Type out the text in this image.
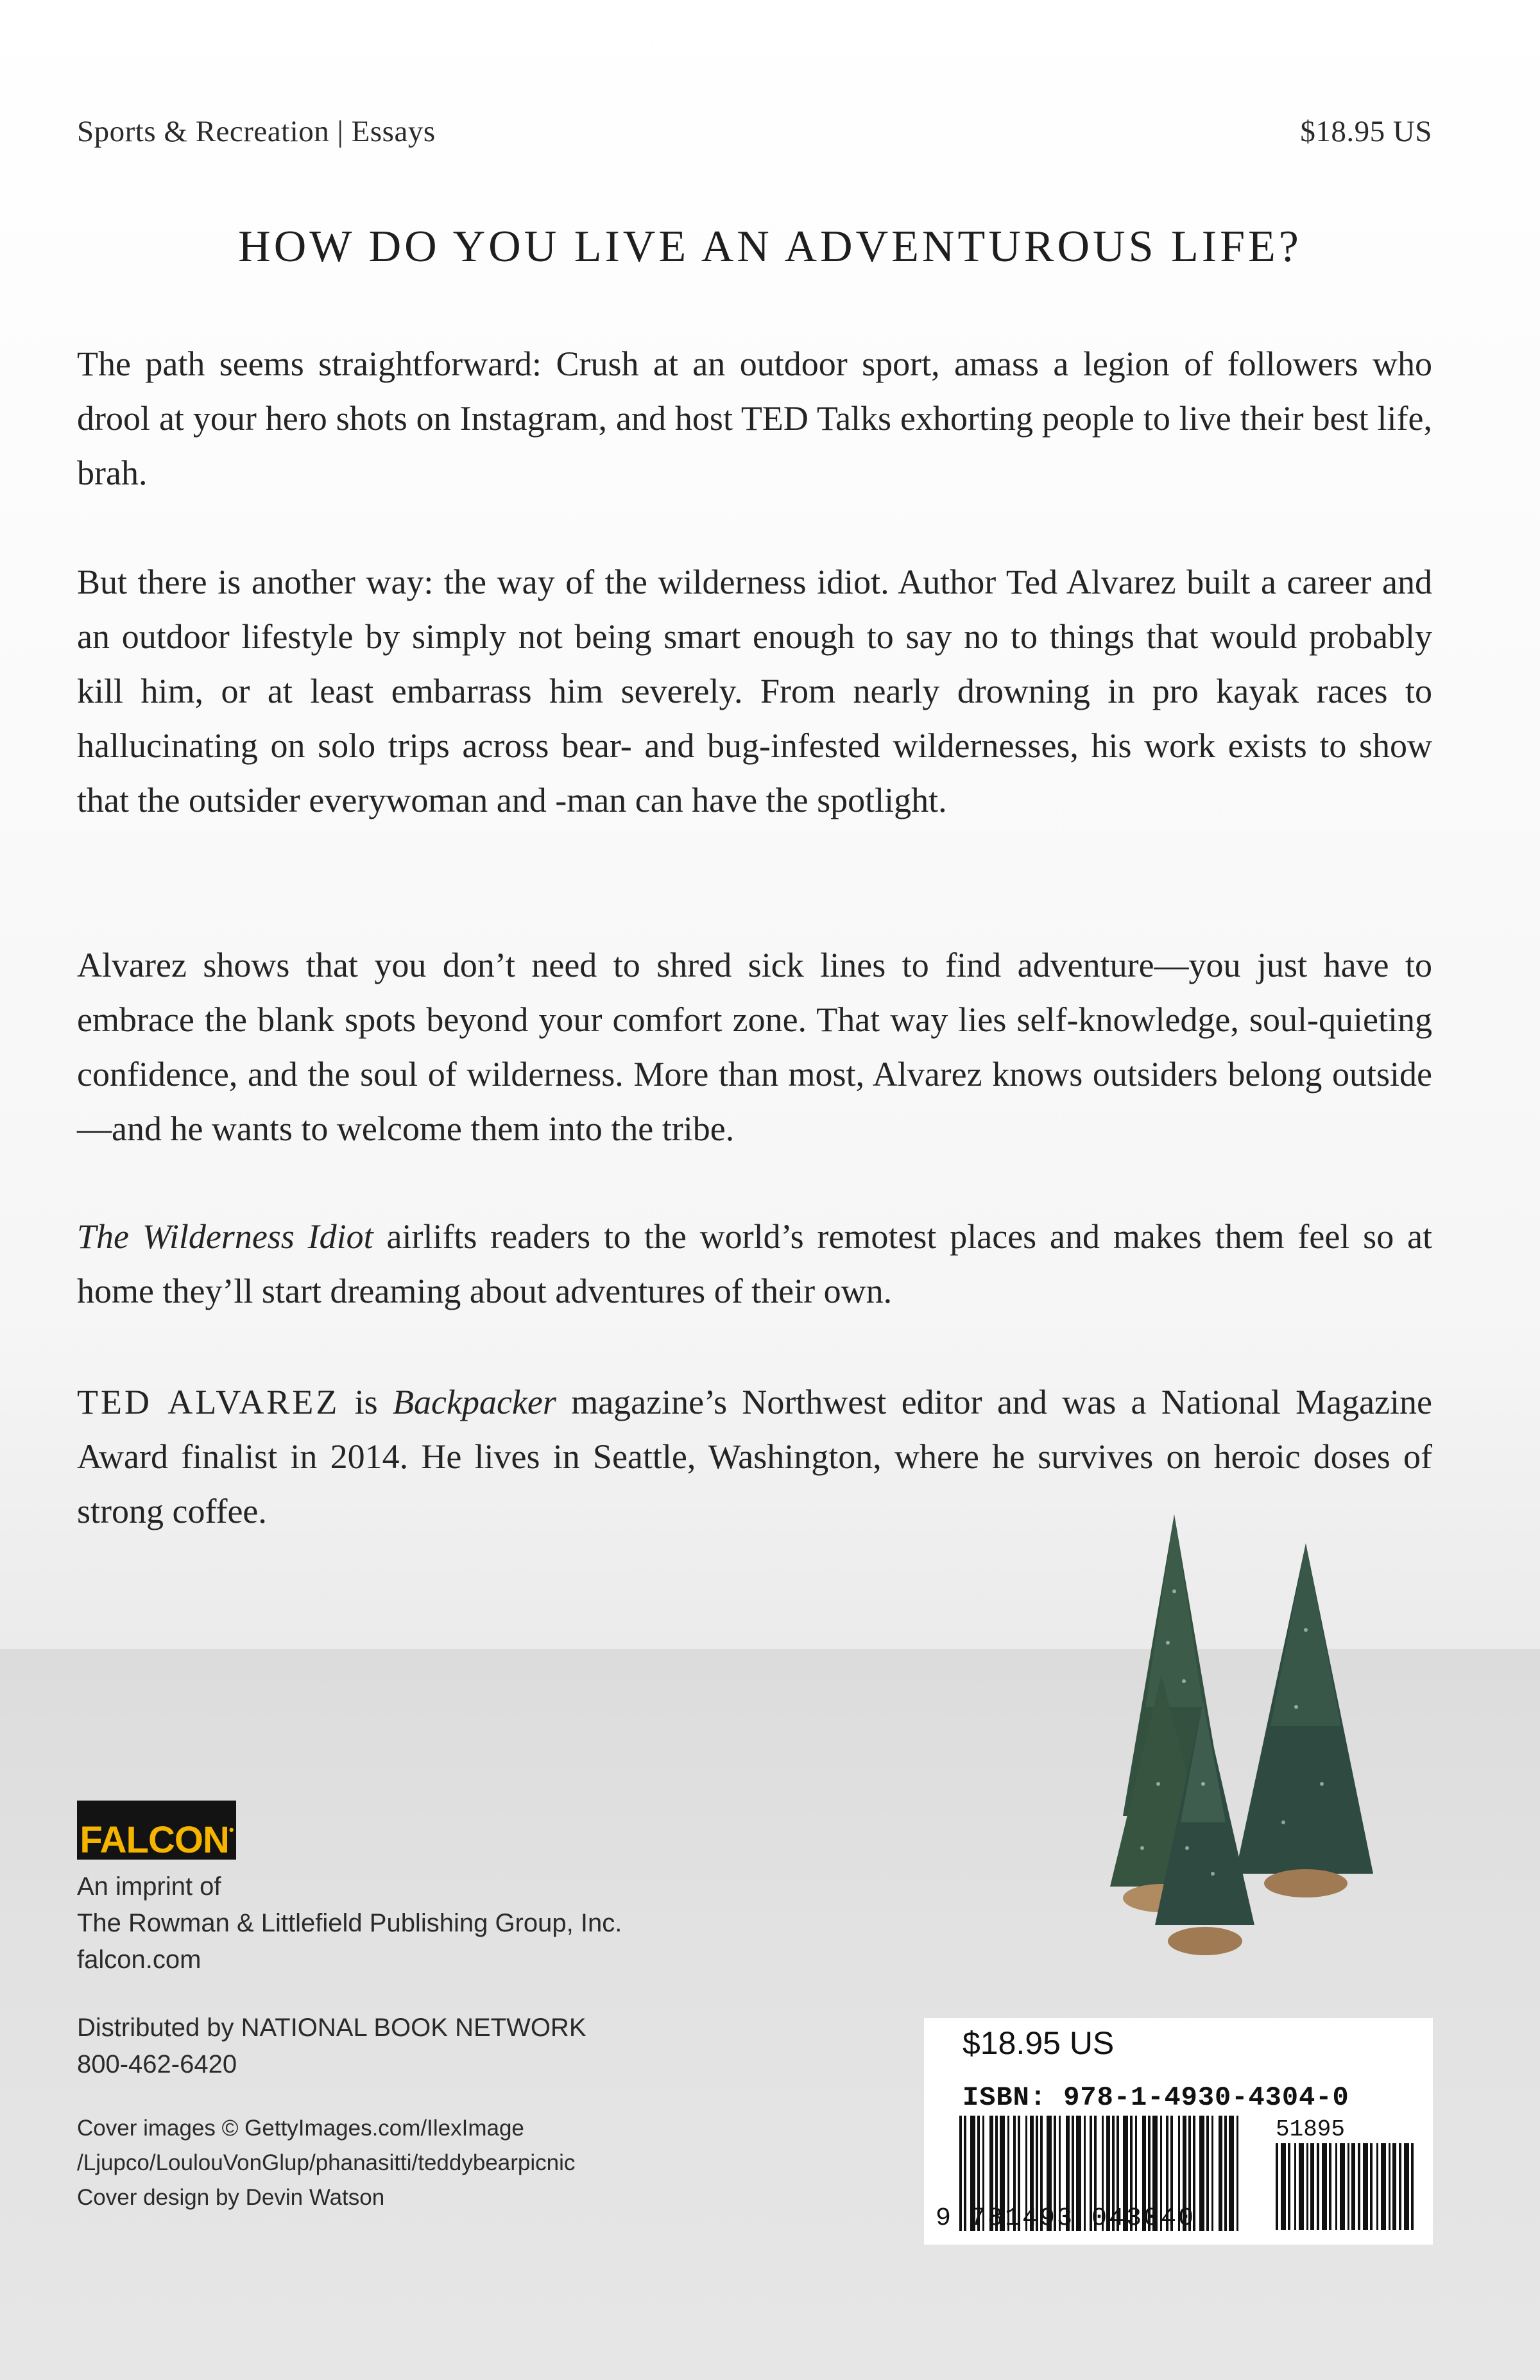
Sports & Recreation | Essays	$18.95 US
HOW DO YOU LIVE AN ADVENTUROUS LIFE?
The path seems straightforward: Crush at an outdoor sport, amass a legion of followers who drool at your hero shots on Instagram, and host TED Talks exhorting people to live their best life, brah.
But there is another way: the way of the wilderness idiot. Author Ted Alvarez built a career and an outdoor lifestyle by simply not being smart enough to say no to things that would probably kill him, or at least embarrass him severely. From nearly drowning in pro kayak races to hallucinating on solo trips across bear- and bug-infested wildernesses, his work exists to show that the outsider everywoman and -man can have the spotlight.
Alvarez shows that you don’t need to shred sick lines to find adventure—you just have to embrace the blank spots beyond your comfort zone. That way lies self-knowledge, soul-quieting confidence, and the soul of wilderness. More than most, Alvarez knows outsiders belong outside—and he wants to welcome them into the tribe.
The Wilderness Idiot airlifts readers to the world’s remotest places and makes them feel so at home they’ll start dreaming about adventures of their own.
TED ALVAREZ is Backpacker magazine’s Northwest editor and was a National Magazine Award finalist in 2014. He lives in Seattle, Washington, where he survives on heroic doses of strong coffee.
FALCON•
An imprint of
The Rowman & Littlefield Publishing Group, Inc.
falcon.com
Distributed by NATIONAL BOOK NETWORK
800-462-6420
Cover images © GettyImages.com/IlexImage
/Ljupco/LoulouVonGlup/phanasitti/teddybearpicnic
Cover design by Devin Watson
$18.95 US
ISBN: 978-1-4930-4304-0
51895
9 781493 043040
